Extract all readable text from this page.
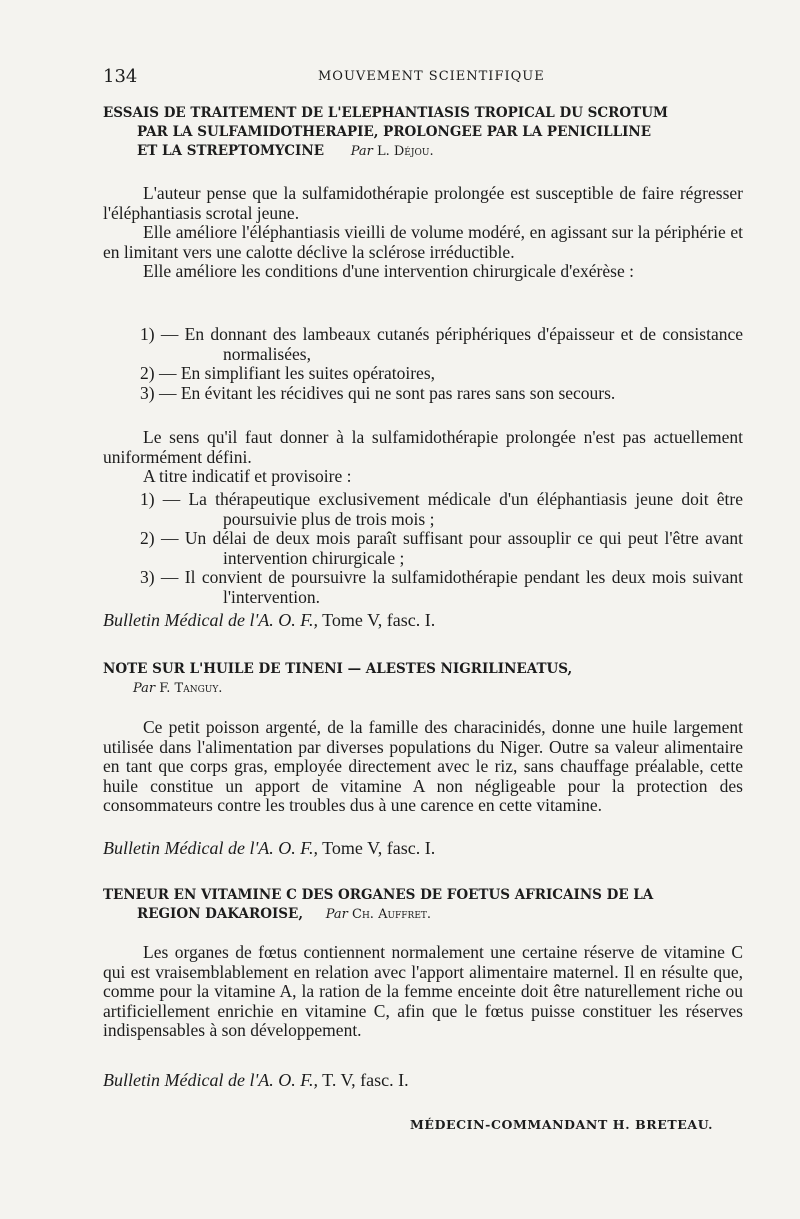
134	MOUVEMENT SCIENTIFIQUE
ESSAIS DE TRAITEMENT DE L'ELEPHANTIASIS TROPICAL DU SCROTUM
PAR LA SULFAMIDOTHERAPIE, PROLONGEE PAR LA PENICILLINE
ET LA STREPTOMYCINE Par L. Déjou.

L'auteur pense que la sulfamidothérapie prolongée est susceptible de faire régresser l'éléphantiasis scrotal jeune.

Elle améliore l'éléphantiasis vieilli de volume modéré, en agissant sur la périphérie et en limitant vers une calotte déclive la sclérose irréductible.

Elle améliore les conditions d'une intervention chirurgicale d'exérèse :

1) — En donnant des lambeaux cutanés périphériques d'épaisseur et de consistance normalisées,

2) — En simplifiant les suites opératoires,

3) — En évitant les récidives qui ne sont pas rares sans son secours.

Le sens qu'il faut donner à la sulfamidothérapie prolongée n'est pas actuellement uniformément défini.

A titre indicatif et provisoire :

1) — La thérapeutique exclusivement médicale d'un éléphantiasis jeune doit être poursuivie plus de trois mois ;

2) — Un délai de deux mois paraît suffisant pour assouplir ce qui peut l'être avant intervention chirurgicale ;

3) — Il convient de poursuivre la sulfamidothérapie pendant les deux mois suivant l'intervention.

Bulletin Médical de l'A. O. F., Tome V, fasc. I.
NOTE SUR L'HUILE DE TINENI — ALESTES NIGRILINEATUS,
Par F. Tanguy.

Ce petit poisson argenté, de la famille des characinidés, donne une huile largement utilisée dans l'alimentation par diverses populations du Niger. Outre sa valeur alimentaire en tant que corps gras, employée directement avec le riz, sans chauffage préalable, cette huile constitue un apport de vitamine A non négligeable pour la protection des consommateurs contre les troubles dus à une carence en cette vitamine.

Bulletin Médical de l'A. O. F., Tome V, fasc. I.
TENEUR EN VITAMINE C DES ORGANES DE FOETUS AFRICAINS DE LA
REGION DAKAROISE, Par Ch. Auffret.

Les organes de fœtus contiennent normalement une certaine réserve de vitamine C qui est vraisemblablement en relation avec l'apport alimentaire maternel. Il en résulte que, comme pour la vitamine A, la ration de la femme enceinte doit être naturellement riche ou artificiellement enrichie en vitamine C, afin que le fœtus puisse constituer les réserves indispensables à son développement.

Bulletin Médical de l'A. O. F., T. V, fasc. I.
MÉDECIN-COMMANDANT H. BRETEAU.
